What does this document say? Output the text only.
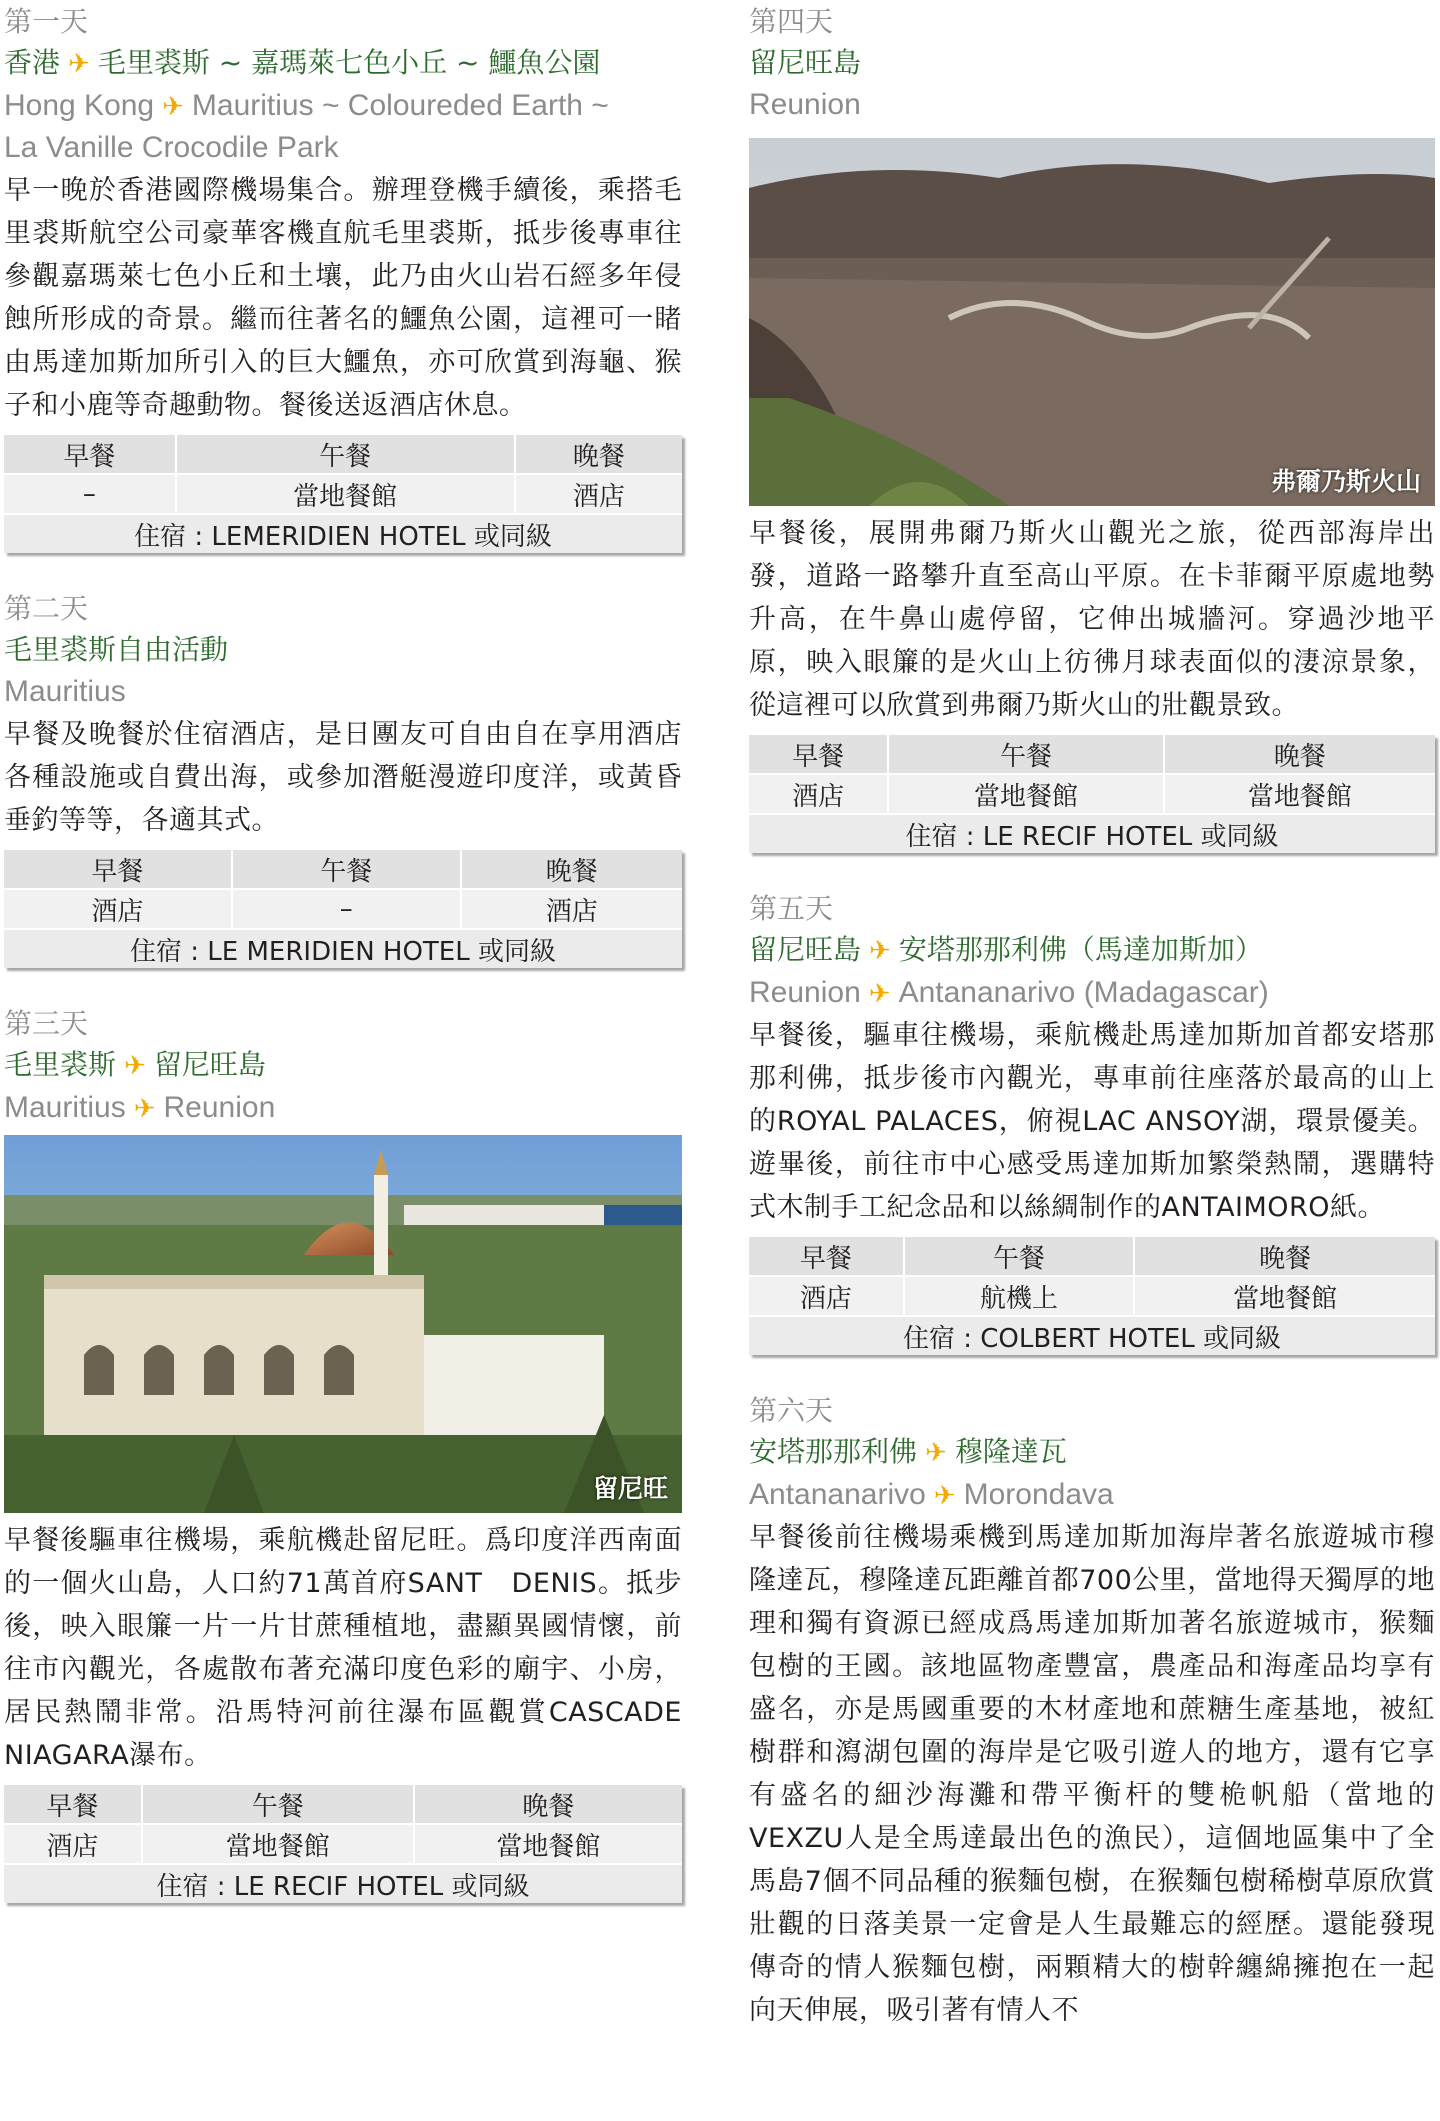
第一天
香港 ✈ 毛里裘斯 ~ 嘉瑪萊七色小丘 ~ 鱷魚公園
Hong Kong ✈ Mauritius ~ Coloureded Earth ~
La Vanille Crocodile Park

早一晚於香港國際機場集合。辦理登機手續後，乘搭毛里裘斯航空公司豪華客機直航毛里裘斯，抵步後專車往參觀嘉瑪萊七色小丘和土壤，此乃由火山岩石經多年侵蝕所形成的奇景。繼而往著名的鱷魚公園，這裡可一睹由馬達加斯加所引入的巨大鱷魚，亦可欣賞到海龜、猴子和小鹿等奇趣動物。餐後送返酒店休息。

早餐	午餐	晚餐
–	當地餐館	酒店
住宿 : LEMERIDIEN HOTEL 或同級		
第二天
毛里裘斯自由活動
Mauritius

早餐及晚餐於住宿酒店，是日團友可自由自在享用酒店各種設施或自費出海，或參加潛艇漫遊印度洋，或黃昏垂釣等等，各適其式。

早餐	午餐	晚餐
酒店	–	酒店
住宿 : LE MERIDIEN HOTEL 或同級		
第三天
毛里裘斯 ✈ 留尼旺島
Mauritius ✈ Reunion
留尼旺

早餐後驅車往機場，乘航機赴留尼旺。爲印度洋西南面的一個火山島，人口約71萬首府SANT　DENIS。抵步後，映入眼簾一片一片甘蔗種植地，盡顯異國情懷，前往市內觀光，各處散布著充滿印度色彩的廟宇、小房，居民熱鬧非常。沿馬特河前往瀑布區觀賞CASCADE NIAGARA瀑布。

早餐	午餐	晚餐
酒店	當地餐館	當地餐館
住宿 : LE RECIF HOTEL 或同級		
第四天
留尼旺島
Reunion
弗爾乃斯火山

早餐後，展開弗爾乃斯火山觀光之旅，從西部海岸出發，道路一路攀升直至高山平原。在卡菲爾平原處地勢升高，在牛鼻山處停留，它伸出城牆河。穿過沙地平原，映入眼簾的是火山上彷彿月球表面似的淒涼景象，從這裡可以欣賞到弗爾乃斯火山的壯觀景致。

早餐	午餐	晚餐
酒店	當地餐館	當地餐館
住宿 : LE RECIF HOTEL 或同級		
第五天
留尼旺島 ✈ 安塔那那利佛（馬達加斯加）
Reunion ✈ Antananarivo (Madagascar)

早餐後，驅車往機場，乘航機赴馬達加斯加首都安塔那那利佛，抵步後市內觀光，專車前往座落於最高的山上的ROYAL PALACES，俯視LAC ANSOY湖，環景優美。遊畢後，前往市中心感受馬達加斯加繁榮熱鬧，選購特式木制手工紀念品和以絲綢制作的ANTAIMORO紙。

早餐	午餐	晚餐
酒店	航機上	當地餐館
住宿 : COLBERT HOTEL 或同級		
第六天
安塔那那利佛 ✈ 穆隆達瓦
Antananarivo ✈ Morondava

早餐後前往機場乘機到馬達加斯加海岸著名旅遊城市穆隆達瓦，穆隆達瓦距離首都700公里，當地得天獨厚的地理和獨有資源已經成爲馬達加斯加著名旅遊城市，猴麵包樹的王國。該地區物產豐富，農產品和海產品均享有盛名，亦是馬國重要的木材產地和蔗糖生產基地，被紅樹群和瀉湖包圍的海岸是它吸引遊人的地方，還有它享有盛名的細沙海灘和帶平衡杆的雙桅帆船（當地的VEXZU人是全馬達最出色的漁民），這個地區集中了全馬島7個不同品種的猴麵包樹，在猴麵包樹稀樹草原欣賞壯觀的日落美景一定會是人生最難忘的經歷。還能發現傳奇的情人猴麵包樹，兩顆精大的樹幹纏綿擁抱在一起向天伸展，吸引著有情人不
